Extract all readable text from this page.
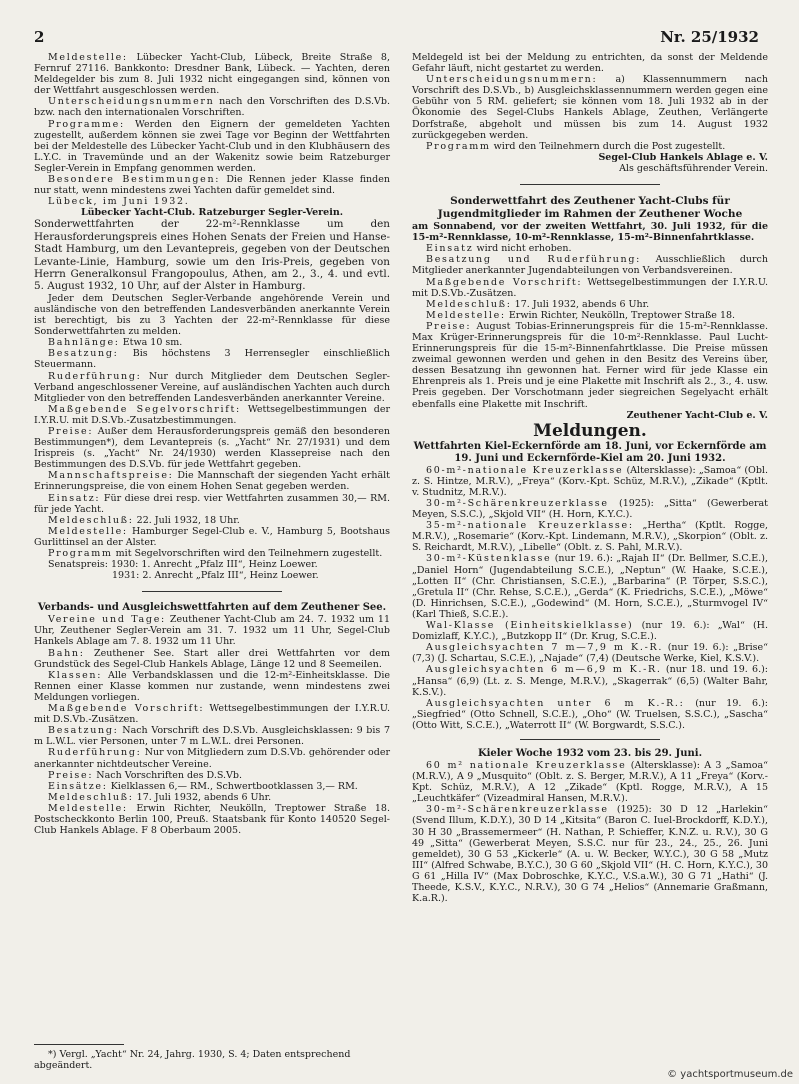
2	Nr. 25/1932

Meldestelle: Lübecker Yacht-Club, Lübeck, Breite Straße 8, Fernruf 27116. Bankkonto: Dresdner Bank, Lübeck. — Yachten, deren Meldegelder bis zum 8. Juli 1932 nicht eingegangen sind, können von der Wettfahrt ausgeschlossen werden.

Unterscheidungsnummern nach den Vorschriften des D.S.Vb. bzw. nach den internationalen Vorschriften.

Programme: Werden den Eignern der gemeldeten Yachten zugestellt, außerdem können sie zwei Tage vor Beginn der Wettfahrten bei der Meldestelle des Lübecker Yacht-Club und in den Klubhäusern des L.Y.C. in Travemünde und an der Wakenitz sowie beim Ratzeburger Segler-Verein in Empfang genommen werden.

Besondere Bestimmungen: Die Rennen jeder Klasse finden nur statt, wenn mindestens zwei Yachten dafür gemeldet sind.

Lübeck, im Juni 1932.

Lübecker Yacht-Club. Ratzeburger Segler-Verein.

Sonderwettfahrten der 22-m²-Rennklasse um den Herausforderungspreis eines Hohen Senats der Freien und Hanse-Stadt Hamburg, um den Levantepreis, gegeben von der Deutschen Levante-Linie, Hamburg, sowie um den Iris-Preis, gegeben von Herrn Generalkonsul Frangopoulus, Athen, am 2., 3., 4. und evtl. 5. August 1932, 10 Uhr, auf der Alster in Hamburg.

Jeder dem Deutschen Segler-Verbande angehörende Verein und ausländische von den betreffenden Landesverbänden anerkannte Verein ist berechtigt, bis zu 3 Yachten der 22-m²-Rennklasse für diese Sonderwettfahrten zu melden.

Bahnlänge: Etwa 10 sm.

Besatzung: Bis höchstens 3 Herrensegler einschließlich Steuermann.

Ruderführung: Nur durch Mitglieder dem Deutschen Segler-Verband angeschlossener Vereine, auf ausländischen Yachten auch durch Mitglieder von den betreffenden Landesverbänden anerkannter Vereine.

Maßgebende Segelvorschrift: Wettsegelbestimmungen der I.Y.R.U. mit D.S.Vb.-Zusatzbestimmungen.

Preise: Außer dem Herausforderungspreis gemäß den besonderen Bestimmungen*), dem Levantepreis (s. „Yacht“ Nr. 27/1931) und dem Irispreis (s. „Yacht“ Nr. 24/1930) werden Klassepreise nach den Bestimmungen des D.S.Vb. für jede Wettfahrt gegeben.

Mannschaftspreise: Die Mannschaft der siegenden Yacht erhält Erinnerungspreise, die von einem Hohen Senat gegeben werden.

Einsatz: Für diese drei resp. vier Wettfahrten zusammen 30,— RM. für jede Yacht.

Meldeschluß: 22. Juli 1932, 18 Uhr.

Meldestelle: Hamburger Segel-Club e. V., Hamburg 5, Bootshaus Gurlittinsel an der Alster.

Programm mit Segelvorschriften wird den Teilnehmern zugestellt.

Senatspreis: 1930: 1. Anrecht „Pfalz III“, Heinz Loewer.

1931: 2. Anrecht „Pfalz III“, Heinz Loewer.

Verbands- und Ausgleichswettfahrten auf dem Zeuthener See.

Vereine und Tage: Zeuthener Yacht-Club am 24. 7. 1932 um 11 Uhr, Zeuthener Segler-Verein am 31. 7. 1932 um 11 Uhr, Segel-Club Hankels Ablage am 7. 8. 1932 um 11 Uhr.

Bahn: Zeuthener See. Start aller drei Wettfahrten vor dem Grundstück des Segel-Club Hankels Ablage, Länge 12 und 8 Seemeilen.

Klassen: Alle Verbandsklassen und die 12-m²-Einheitsklasse. Die Rennen einer Klasse kommen nur zustande, wenn mindestens zwei Meldungen vorliegen.

Maßgebende Vorschrift: Wettsegelbestimmungen der I.Y.R.U. mit D.S.Vb.-Zusätzen.

Besatzung: Nach Vorschrift des D.S.Vb. Ausgleichsklassen: 9 bis 7 m L.W.L. vier Personen, unter 7 m L.W.L. drei Personen.

Ruderführung: Nur von Mitgliedern zum D.S.Vb. gehörender oder anerkannter nichtdeutscher Vereine.

Preise: Nach Vorschriften des D.S.Vb.

Einsätze: Kielklassen 6,— RM., Schwertbootklassen 3,— RM.

Meldeschluß: 17. Juli 1932, abends 6 Uhr.

Meldestelle: Erwin Richter, Neukölln, Treptower Straße 18. Postscheckkonto Berlin 100, Preuß. Staatsbank für Konto 140520 Segel-Club Hankels Ablage. F 8 Oberbaum 2005.

*) Vergl. „Yacht“ Nr. 24, Jahrg. 1930, S. 4; Daten entsprechend abgeändert.

Meldegeld ist bei der Meldung zu entrichten, da sonst der Meldende Gefahr läuft, nicht gestartet zu werden.

Unterscheidungsnummern: a) Klassennummern nach Vorschrift des D.S.Vb., b) Ausgleichsklassennummern werden gegen eine Gebühr von 5 RM. geliefert; sie können vom 18. Juli 1932 ab in der Ökonomie des Segel-Clubs Hankels Ablage, Zeuthen, Verlängerte Dorfstraße, abgeholt und müssen bis zum 14. August 1932 zurückgegeben werden.

Programm wird den Teilnehmern durch die Post zugestellt.

Segel-Club Hankels Ablage e. V.

Als geschäftsführender Verein.

Sonderwettfahrt des Zeuthener Yacht-Clubs für Jugendmitglieder im Rahmen der Zeuthener Woche

am Sonnabend, vor der zweiten Wettfahrt, 30. Juli 1932, für die 15-m²-Rennklasse, 10-m²-Rennklasse, 15-m²-Binnenfahrtklasse.

Einsatz wird nicht erhoben.

Besatzung und Ruderführung: Ausschließlich durch Mitglieder anerkannter Jugendabteilungen von Verbandsvereinen.

Maßgebende Vorschrift: Wettsegelbestimmungen der I.Y.R.U. mit D.S.Vb.-Zusätzen.

Meldeschluß: 17. Juli 1932, abends 6 Uhr.

Meldestelle: Erwin Richter, Neukölln, Treptower Straße 18.

Preise: August Tobias-Erinnerungspreis für die 15-m²-Rennklasse. Max Krüger-Erinnerungspreis für die 10-m²-Rennklasse. Paul Lucht-Erinnerungspreis für die 15-m²-Binnenfahrtklasse. Die Preise müssen zweimal gewonnen werden und gehen in den Besitz des Vereins über, dessen Besatzung ihn gewonnen hat. Ferner wird für jede Klasse ein Ehrenpreis als 1. Preis und je eine Plakette mit Inschrift als 2., 3., 4. usw. Preis gegeben. Der Vorschotmann jeder siegreichen Segelyacht erhält ebenfalls eine Plakette mit Inschrift.

Zeuthener Yacht-Club e. V.

Meldungen.

Wettfahrten Kiel-Eckernförde am 18. Juni, vor Eckernförde am 19. Juni und Eckernförde-Kiel am 20. Juni 1932.

60-m²-nationale Kreuzerklasse (Altersklasse): „Samoa“ (Obl. z. S. Hintze, M.R.V.), „Freya“ (Korv.-Kpt. Schüz, M.R.V.), „Zikade“ (Kptlt. v. Studnitz, M.R.V.).

30-m²-Schärenkreuzerklasse (1925): „Sitta“ (Gewerberat Meyen, S.S.C.), „Skjold VII“ (H. Horn, K.Y.C.).

35-m²-nationale Kreuzerklasse: „Hertha“ (Kptlt. Rogge, M.R.V.), „Rosemarie“ (Korv.-Kpt. Lindemann, M.R.V.), „Skorpion“ (Oblt. z. S. Reichardt, M.R.V.), „Libelle“ (Oblt. z. S. Pahl, M.R.V.).

30-m²-Küstenklasse (nur 19. 6.): „Rajah II“ (Dr. Bellmer, S.C.E.), „Daniel Horn“ (Jugendabteilung S.C.E.), „Neptun“ (W. Haake, S.C.E.), „Lotten II“ (Chr. Christiansen, S.C.E.), „Barbarina“ (P. Törper, S.S.C.), „Gretula II“ (Chr. Rehse, S.C.E.), „Gerda“ (K. Friedrichs, S.C.E.), „Möwe“ (D. Hinrichsen, S.C.E.), „Godewind“ (M. Horn, S.C.E.), „Sturmvogel IV“ (Karl Thieß, S.C.E.).

Wal-Klasse (Einheitskielklasse) (nur 19. 6.): „Wal“ (H. Domizlaff, K.Y.C.), „Butzkopp II“ (Dr. Krug, S.C.E.).

Ausgleichsyachten 7 m—7,9 m K.-R. (nur 19. 6.): „Brise“ (7,3) (J. Schartau, S.C.E.), „Najade“ (7,4) (Deutsche Werke, Kiel, K.S.V.).

Ausgleichsyachten 6 m—6,9 m K.-R. (nur 18. und 19. 6.): „Hansa“ (6,9) (Lt. z. S. Menge, M.R.V.), „Skagerrak“ (6,5) (Walter Bahr, K.S.V.).

Ausgleichsyachten unter 6 m K.-R.: (nur 19. 6.): „Siegfried“ (Otto Schnell, S.C.E.), „Oho“ (W. Truelsen, S.S.C.), „Sascha“ (Otto Witt, S.C.E.), „Waterrott II“ (W. Borgwardt, S.S.C.).

Kieler Woche 1932 vom 23. bis 29. Juni.

60 m² nationale Kreuzerklasse (Altersklasse): A 3 „Samoa“ (M.R.V.), A 9 „Musquito“ (Oblt. z. S. Berger, M.R.V.), A 11 „Freya“ (Korv.-Kpt. Schüz, M.R.V.), A 12 „Zikade“ (Kptl. Rogge, M.R.V.), A 15 „Leuchtkäfer“ (Vizeadmiral Hansen, M.R.V.).

30-m²-Schärenkreuzerklasse (1925): 30 D 12 „Harlekin“ (Svend Illum, K.D.Y.), 30 D 14 „Kitsita“ (Baron C. Iuel-Brockdorff, K.D.Y.), 30 H 30 „Brassemermeer“ (H. Nathan, P. Schieffer, K.N.Z. u. R.V.), 30 G 49 „Sitta“ (Gewerberat Meyen, S.S.C. nur für 23., 24., 25., 26. Juni gemeldet), 30 G 53 „Kickerle“ (A. u. W. Becker, W.Y.C.), 30 G 58 „Mutz III“ (Alfred Schwabe, B.Y.C.), 30 G 60 „Skjold VII“ (H. C. Horn, K.Y.C.), 30 G 61 „Hilla IV“ (Max Dobroschke, K.Y.C., V.S.a.W.), 30 G 71 „Hathi“ (J. Theede, K.S.V., K.Y.C., N.R.V.), 30 G 74 „Helios“ (Annemarie Graßmann, K.a.R.).

© yachtsportmuseum.de
